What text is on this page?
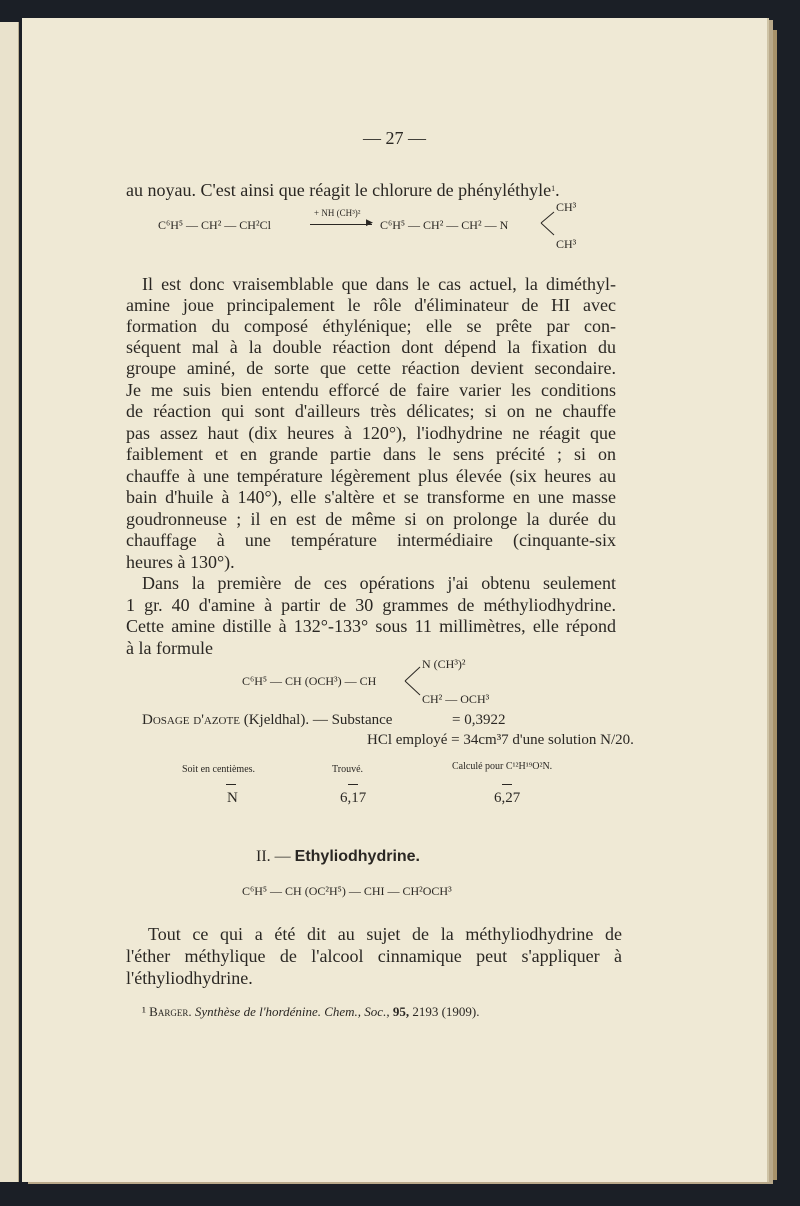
— 27 —
au noyau. C'est ainsi que réagit le chlorure de phényléthyle$^1$.
C⁶H⁵ — CH² — CH²Cl
+ NH (CH³)²
▶ C⁶H⁵ — CH² — CH² — N
CH³
CH³
Il est donc vraisemblable que dans le cas actuel, la diméthyl-
amine joue principalement le rôle d'éliminateur de HI avec
formation du composé éthylénique; elle se prête par con-
séquent mal à la double réaction dont dépend la fixation du
groupe aminé, de sorte que cette réaction devient secondaire.
Je me suis bien entendu efforcé de faire varier les conditions
de réaction qui sont d'ailleurs très délicates; si on ne chauffe
pas assez haut (dix heures à 120°), l'iodhydrine ne réagit que
faiblement et en grande partie dans le sens précité ; si on
chauffe à une température légèrement plus élevée (six heures au
bain d'huile à 140°), elle s'altère et se transforme en une masse
goudronneuse ; il en est de même si on prolonge la durée du
chauffage à une température intermédiaire (cinquante-six
heures à 130°).
Dans la première de ces opérations j'ai obtenu seulement
1 gr. 40 d'amine à partir de 30 grammes de méthyliodhydrine.
Cette amine distille à 132°-133° sous 11 millimètres, elle répond
à la formule
C⁶H⁵ — CH (OCH³) — CH
N (CH³)²
CH² — OCH³
Dosage d'azote (Kjeldhal). — Substance	= 0,3922
HCl employé = 34cm³7 d'une solution N/20.
Soit en centièmes.	Trouvé.	Calculé pour C¹²H¹⁹O²N.
N	6,17	6,27
II. — Ethyliodhydrine.
C⁶H⁵ — CH (OC²H⁵) — CHI — CH²OCH³
Tout ce qui a été dit au sujet de la méthyliodhydrine de
l'éther méthylique de l'alcool cinnamique peut s'appliquer à
l'éthyliodhydrine.
¹ Barger. Synthèse de l'hordénine. Chem., Soc., 95, 2193 (1909).
